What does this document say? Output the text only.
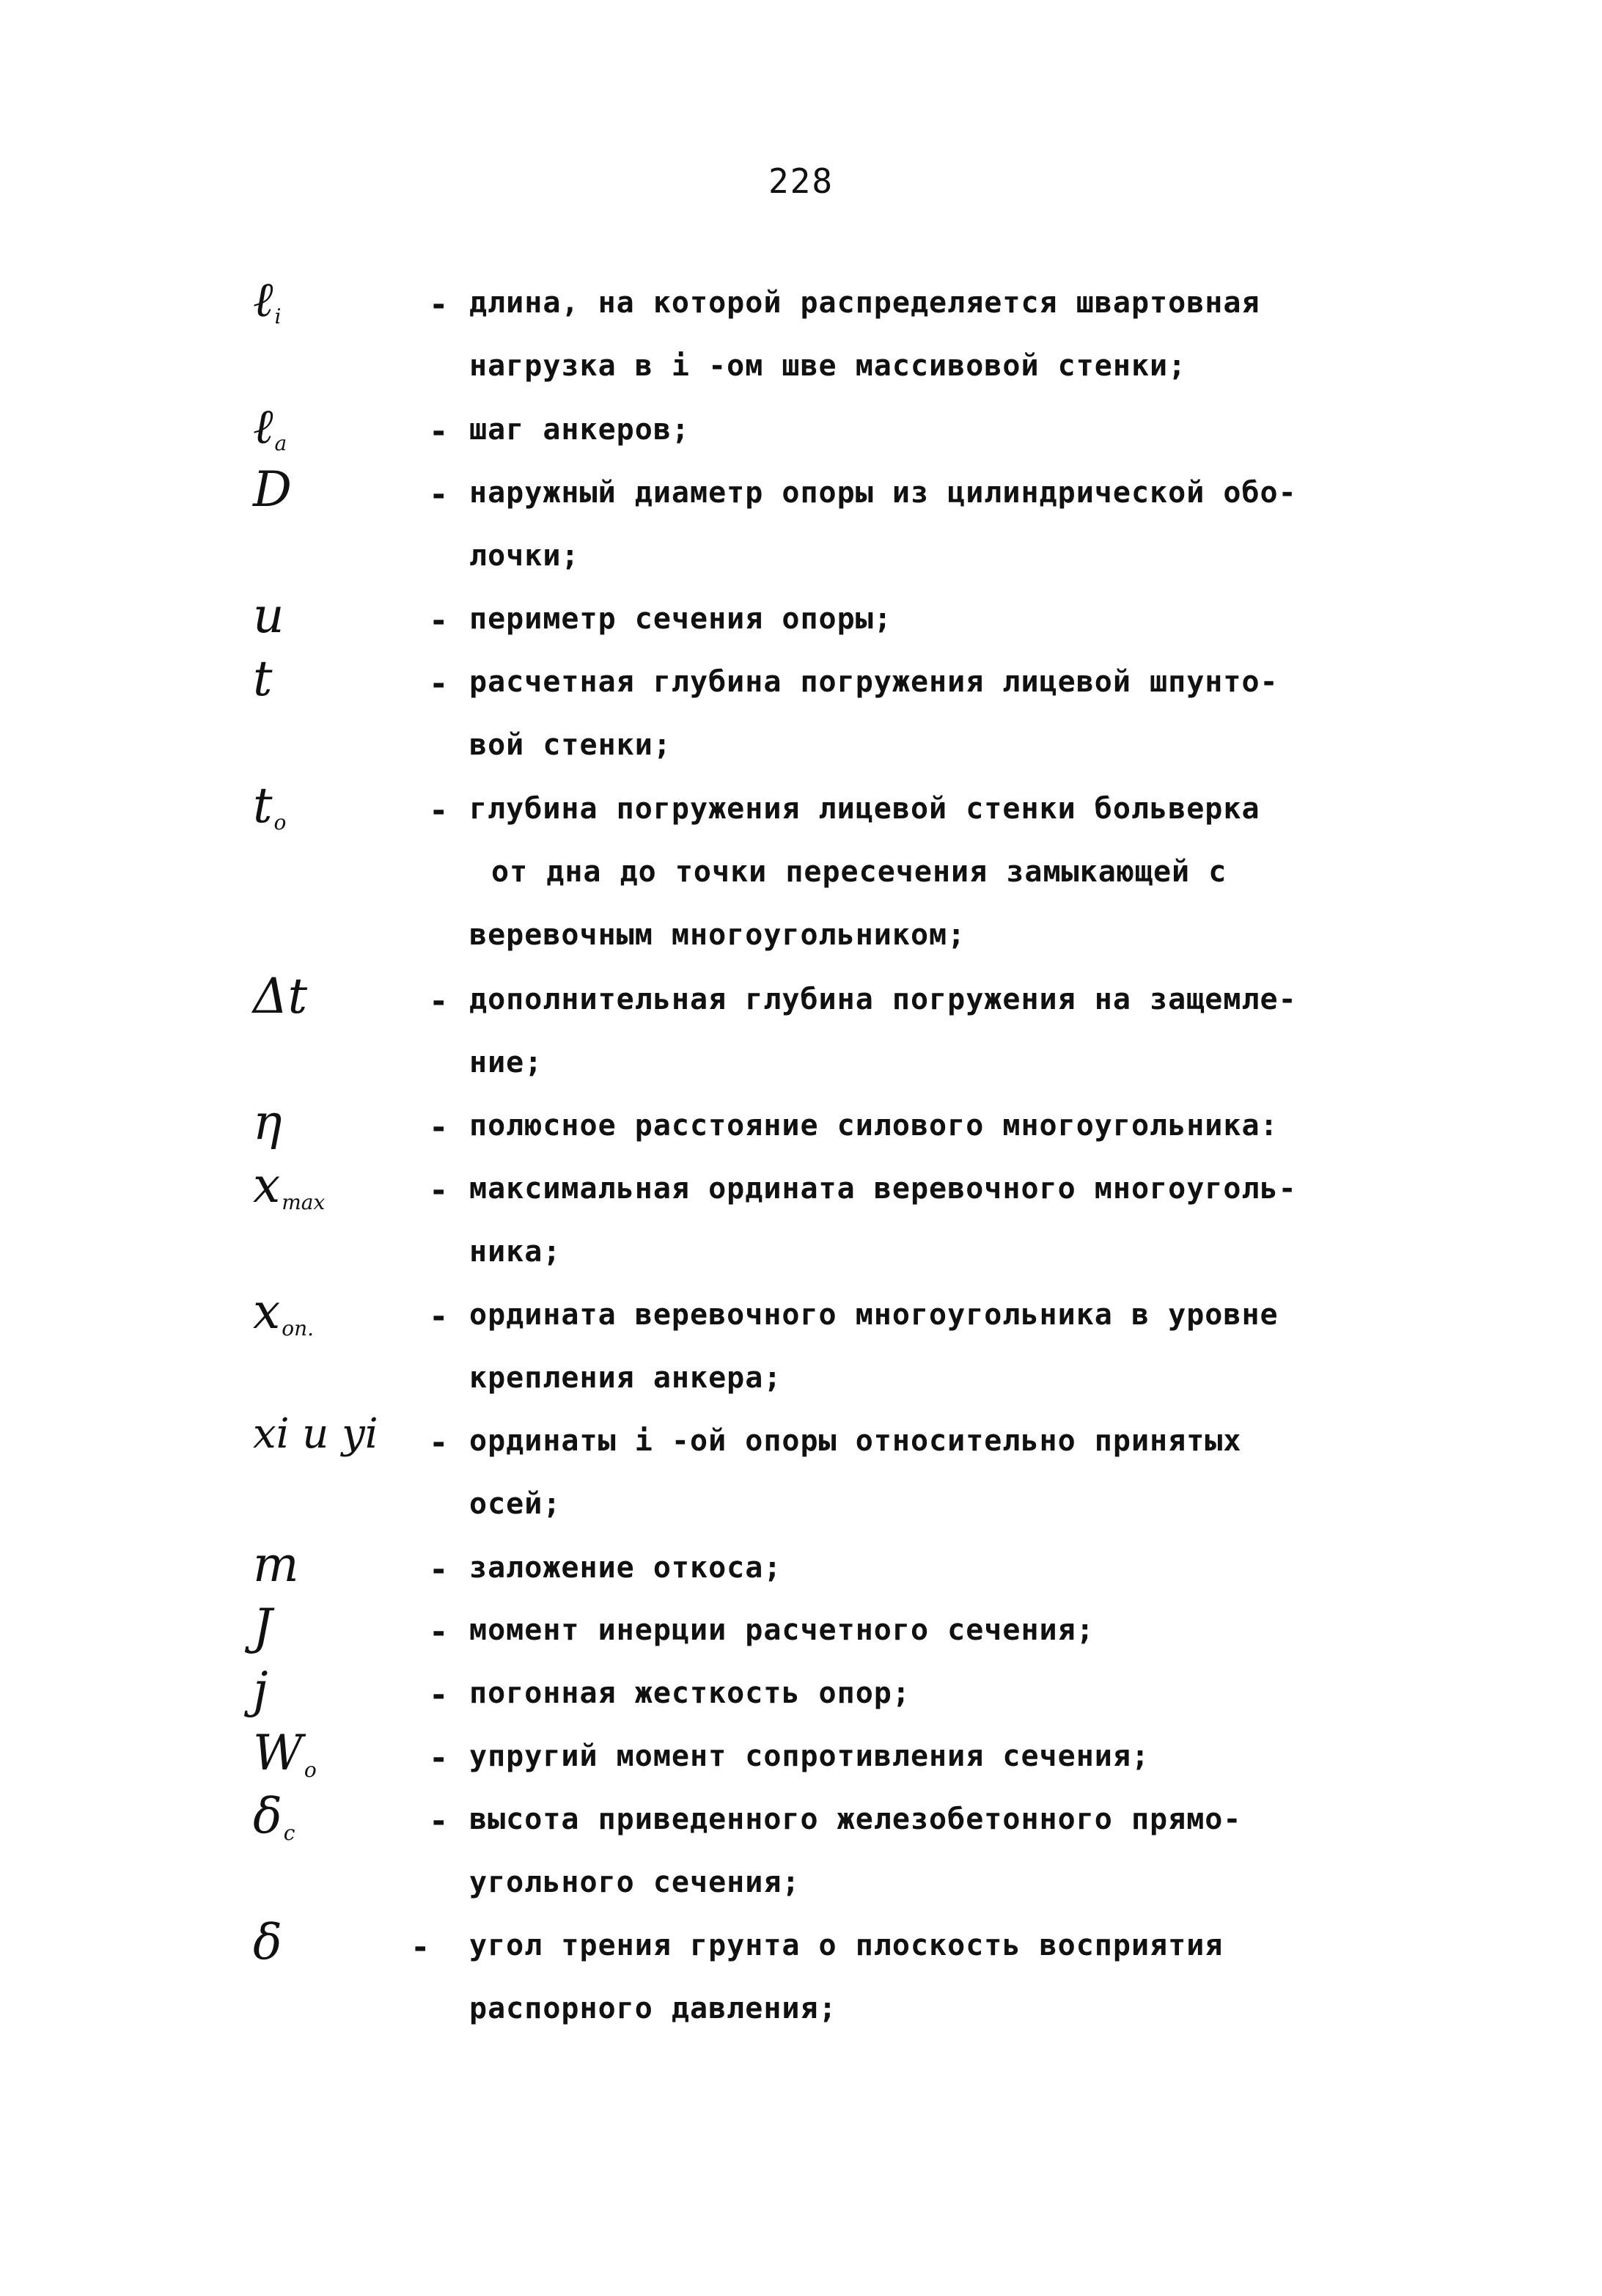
228
ℓ$_i$	- длина, на которой распределяется швартовная
нагрузка в i -ом шве массивовой стенки;
ℓ$_a$	- шаг анкеров;
D	- наружный диаметр опоры из цилиндрической обо-
лочки;
u	- периметр сечения опоры;
t	- расчетная глубина погружения лицевой шпунто-
вой стенки;
$t_o$	- глубина погружения лицевой стенки больверка
от дна до точки пересечения замыкающей с
веревочным многоугольником;
Δt	- дополнительная глубина погружения на защемле-
ние;
η	- полюсное расстояние силового многоугольника:
$x_{max}$	- максимальная ордината веревочного многоуголь-
ника;
$x_{оп.}$	- ордината веревочного многоугольника в уровне
крепления анкера;
xi и yi - ординаты i -ой опоры относительно принятых
осей;
m	- заложение откоса;
J	- момент инерции расчетного сечения;
j	- погонная жесткость опор;
$W_o$	- упругий момент сопротивления сечения;
$\delta_c$	- высота приведенного железобетонного прямо-
угольного сечения;
δ	- угол трения грунта о плоскость восприятия
распорного давления;
